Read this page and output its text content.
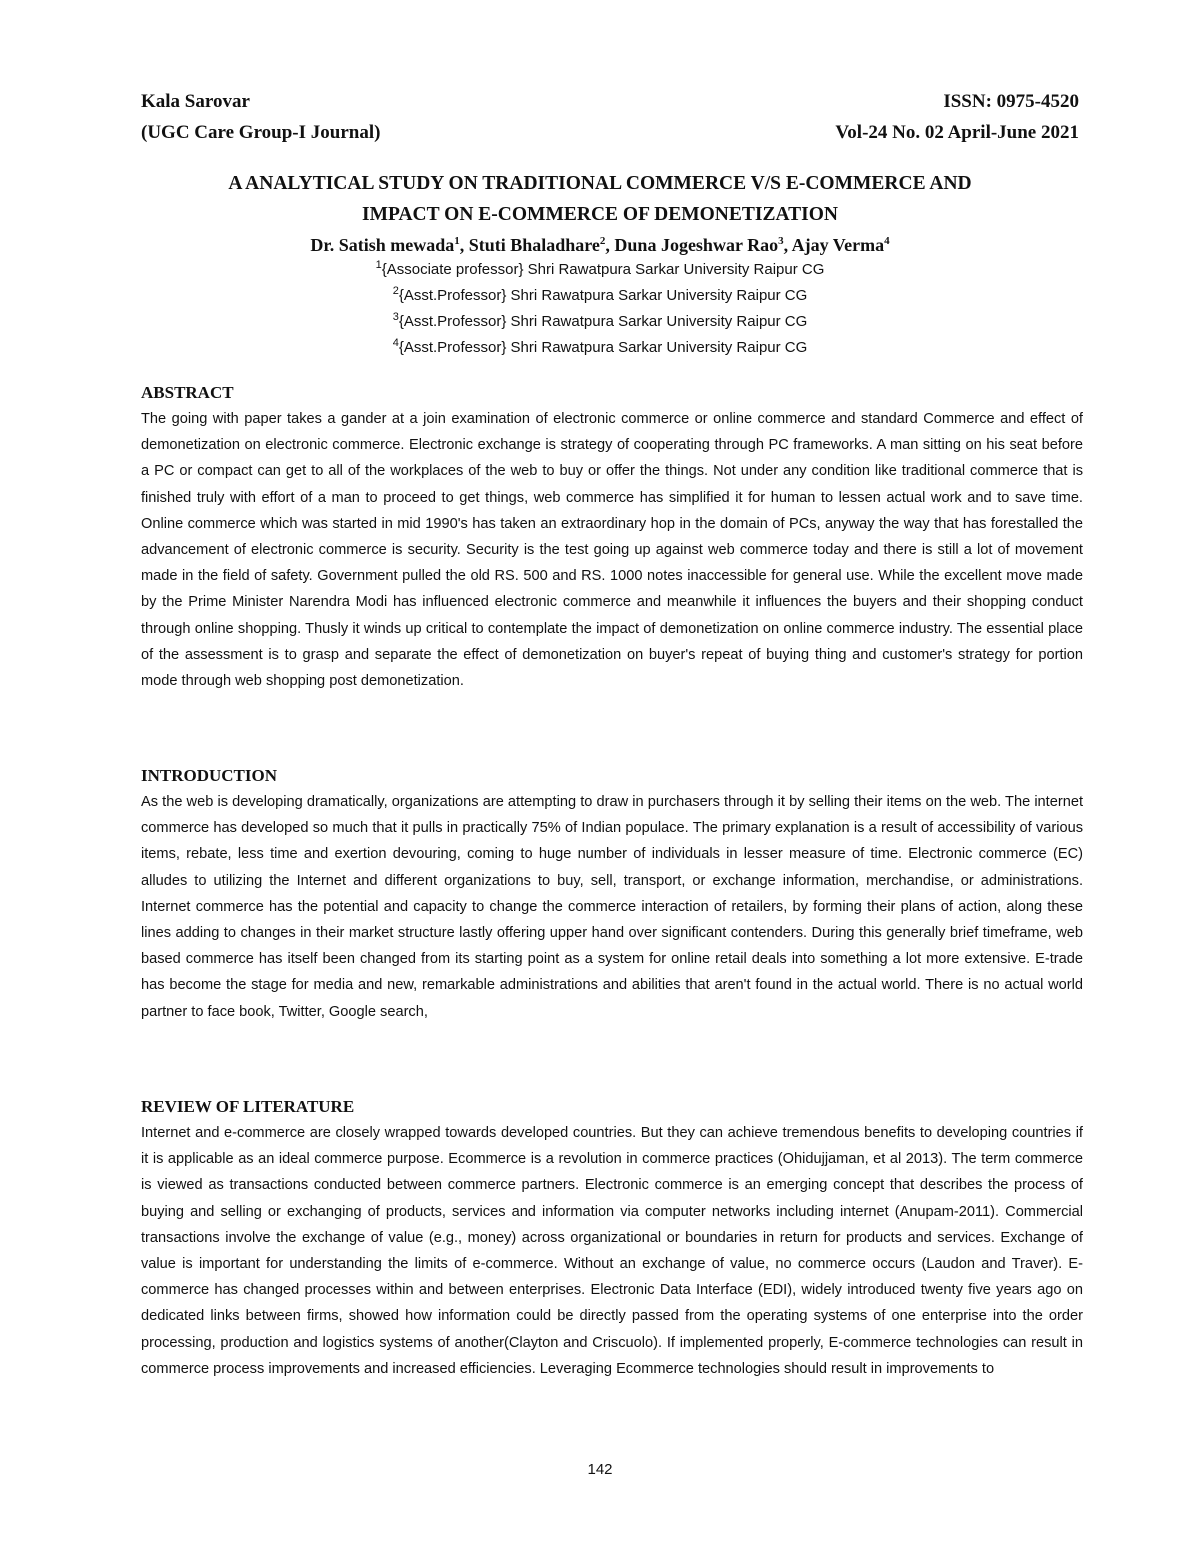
Kala Sarovar
(UGC Care Group-I Journal)
ISSN: 0975-4520
Vol-24 No. 02 April-June 2021
A ANALYTICAL STUDY ON TRADITIONAL COMMERCE V/S E-COMMERCE AND
IMPACT ON E-COMMERCE OF DEMONETIZATION
Dr. Satish mewada$^1$, Stuti Bhaladhare$^2$, Duna Jogeshwar Rao$^3$, Ajay Verma$^4$
$^1${Associate professor} Shri Rawatpura Sarkar University Raipur CG
$^2${Asst.Professor} Shri Rawatpura Sarkar University Raipur CG
$^3${Asst.Professor} Shri Rawatpura Sarkar University Raipur CG
$^4${Asst.Professor} Shri Rawatpura Sarkar University Raipur CG
ABSTRACT

The going with paper takes a gander at a join examination of electronic commerce or online commerce and standard Commerce and effect of demonetization on electronic commerce. Electronic exchange is strategy of cooperating through PC frameworks. A man sitting on his seat before a PC or compact can get to all of the workplaces of the web to buy or offer the things. Not under any condition like traditional commerce that is finished truly with effort of a man to proceed to get things, web commerce has simplified it for human to lessen actual work and to save time. Online commerce which was started in mid 1990's has taken an extraordinary hop in the domain of PCs, anyway the way that has forestalled the advancement of electronic commerce is security. Security is the test going up against web commerce today and there is still a lot of movement made in the field of safety. Government pulled the old RS. 500 and RS. 1000 notes inaccessible for general use. While the excellent move made by the Prime Minister Narendra Modi has influenced electronic commerce and meanwhile it influences the buyers and their shopping conduct through online shopping. Thusly it winds up critical to contemplate the impact of demonetization on online commerce industry. The essential place of the assessment is to grasp and separate the effect of demonetization on buyer's repeat of buying thing and customer's strategy for portion mode through web shopping post demonetization.

INTRODUCTION

As the web is developing dramatically, organizations are attempting to draw in purchasers through it by selling their items on the web. The internet commerce has developed so much that it pulls in practically 75% of Indian populace. The primary explanation is a result of accessibility of various items, rebate, less time and exertion devouring, coming to huge number of individuals in lesser measure of time. Electronic commerce (EC) alludes to utilizing the Internet and different organizations to buy, sell, transport, or exchange information, merchandise, or administrations. Internet commerce has the potential and capacity to change the commerce interaction of retailers, by forming their plans of action, along these lines adding to changes in their market structure lastly offering upper hand over significant contenders. During this generally brief timeframe, web based commerce has itself been changed from its starting point as a system for online retail deals into something a lot more extensive. E-trade has become the stage for media and new, remarkable administrations and abilities that aren't found in the actual world. There is no actual world partner to face book, Twitter, Google search,

REVIEW OF LITERATURE

Internet and e-commerce are closely wrapped towards developed countries. But they can achieve tremendous benefits to developing countries if it is applicable as an ideal commerce purpose. Ecommerce is a revolution in commerce practices (Ohidujjaman, et al 2013). The term commerce is viewed as transactions conducted between commerce partners. Electronic commerce is an emerging concept that describes the process of buying and selling or exchanging of products, services and information via computer networks including internet (Anupam-2011). Commercial transactions involve the exchange of value (e.g., money) across organizational or boundaries in return for products and services. Exchange of value is important for understanding the limits of e-commerce. Without an exchange of value, no commerce occurs (Laudon and Traver). E-commerce has changed processes within and between enterprises. Electronic Data Interface (EDI), widely introduced twenty five years ago on dedicated links between firms, showed how information could be directly passed from the operating systems of one enterprise into the order processing, production and logistics systems of another(Clayton and Criscuolo). If implemented properly, E-commerce technologies can result in commerce process improvements and increased efficiencies. Leveraging Ecommerce technologies should result in improvements to

142
